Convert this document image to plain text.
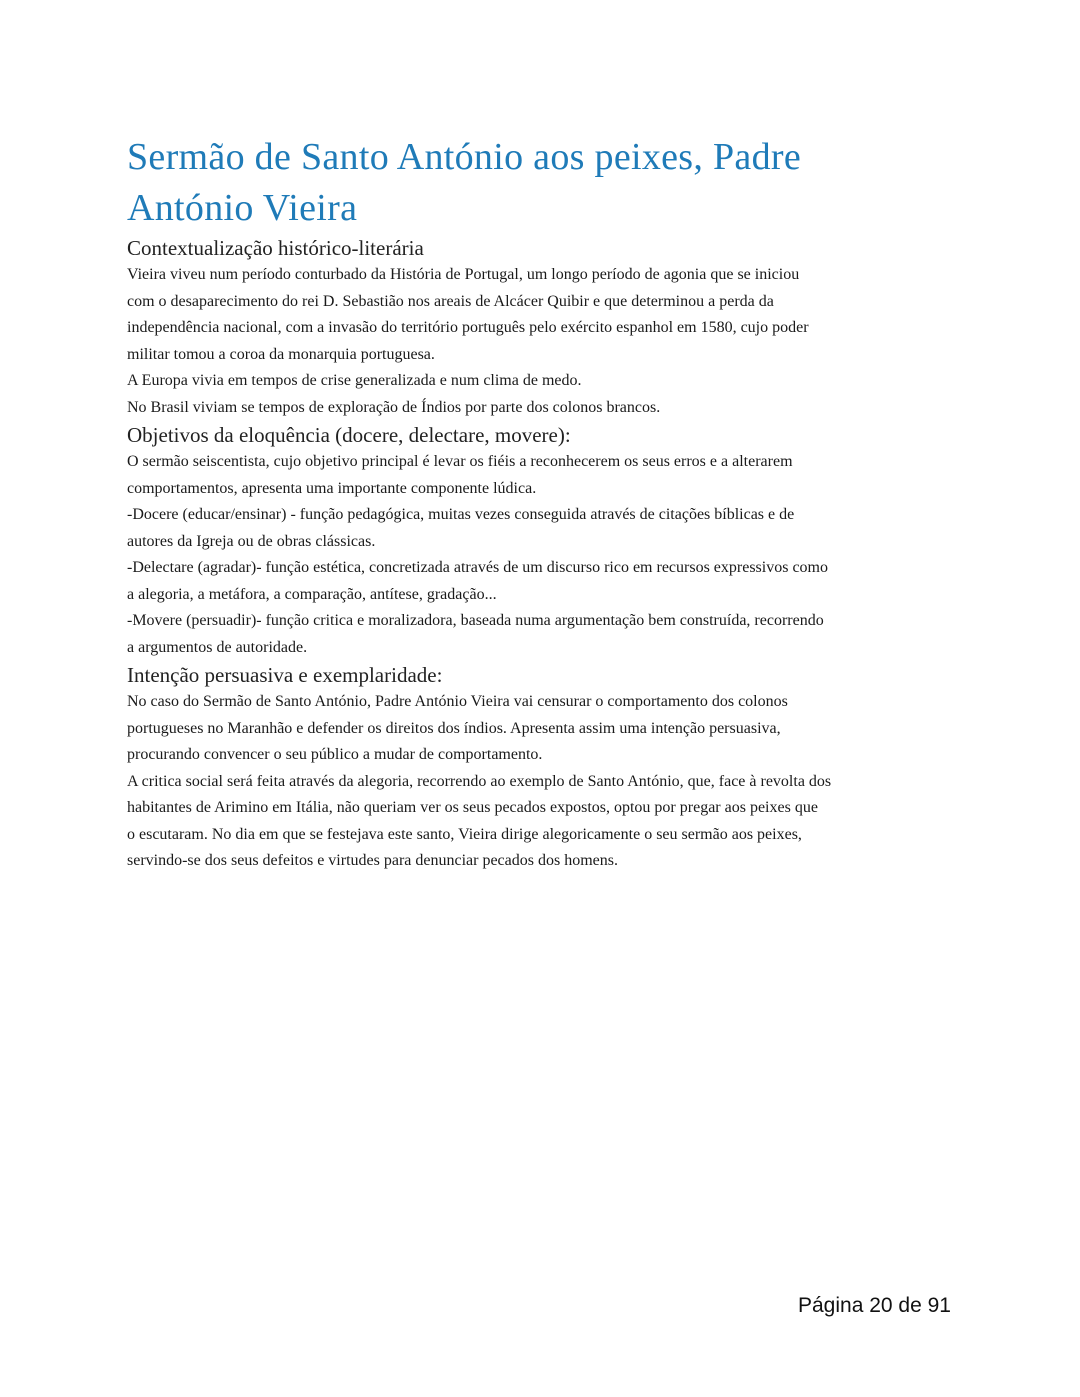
Sermão de Santo António aos peixes, Padre
António Vieira
Contextualização histórico-literária

Vieira viveu num período conturbado da História de Portugal, um longo período de agonia que se iniciou
com o desaparecimento do rei D. Sebastião nos areais de Alcácer Quibir e que determinou a perda da
independência nacional, com a invasão do território português pelo exército espanhol em 1580, cujo poder
militar tomou a coroa da monarquia portuguesa.

A Europa vivia em tempos de crise generalizada e num clima de medo.
No Brasil viviam se tempos de exploração de Índios por parte dos colonos brancos.

Objetivos da eloquência (docere, delectare, movere):

O sermão seiscentista, cujo objetivo principal é levar os fiéis a reconhecerem os seus erros e a alterarem
comportamentos, apresenta uma importante componente lúdica.
-Docere (educar/ensinar) - função pedagógica, muitas vezes conseguida através de citações bíblicas e de
autores da Igreja ou de obras clássicas.
-Delectare (agradar)- função estética, concretizada através de um discurso rico em recursos expressivos como
a alegoria, a metáfora, a comparação, antítese, gradação...
-Movere (persuadir)- função critica e moralizadora, baseada numa argumentação bem construída, recorrendo
a argumentos de autoridade.

Intenção persuasiva e exemplaridade:

No caso do Sermão de Santo António, Padre António Vieira vai censurar o comportamento dos colonos
portugueses no Maranhão e defender os direitos dos índios. Apresenta assim uma intenção persuasiva,
procurando convencer o seu público a mudar de comportamento.

A critica social será feita através da alegoria, recorrendo ao exemplo de Santo António, que, face à revolta dos
habitantes de Arimino em Itália, não queriam ver os seus pecados expostos, optou por pregar aos peixes que
o escutaram. No dia em que se festejava este santo, Vieira dirige alegoricamente o seu sermão aos peixes,
servindo-se dos seus defeitos e virtudes para denunciar pecados dos homens.

Página 20 de 91
